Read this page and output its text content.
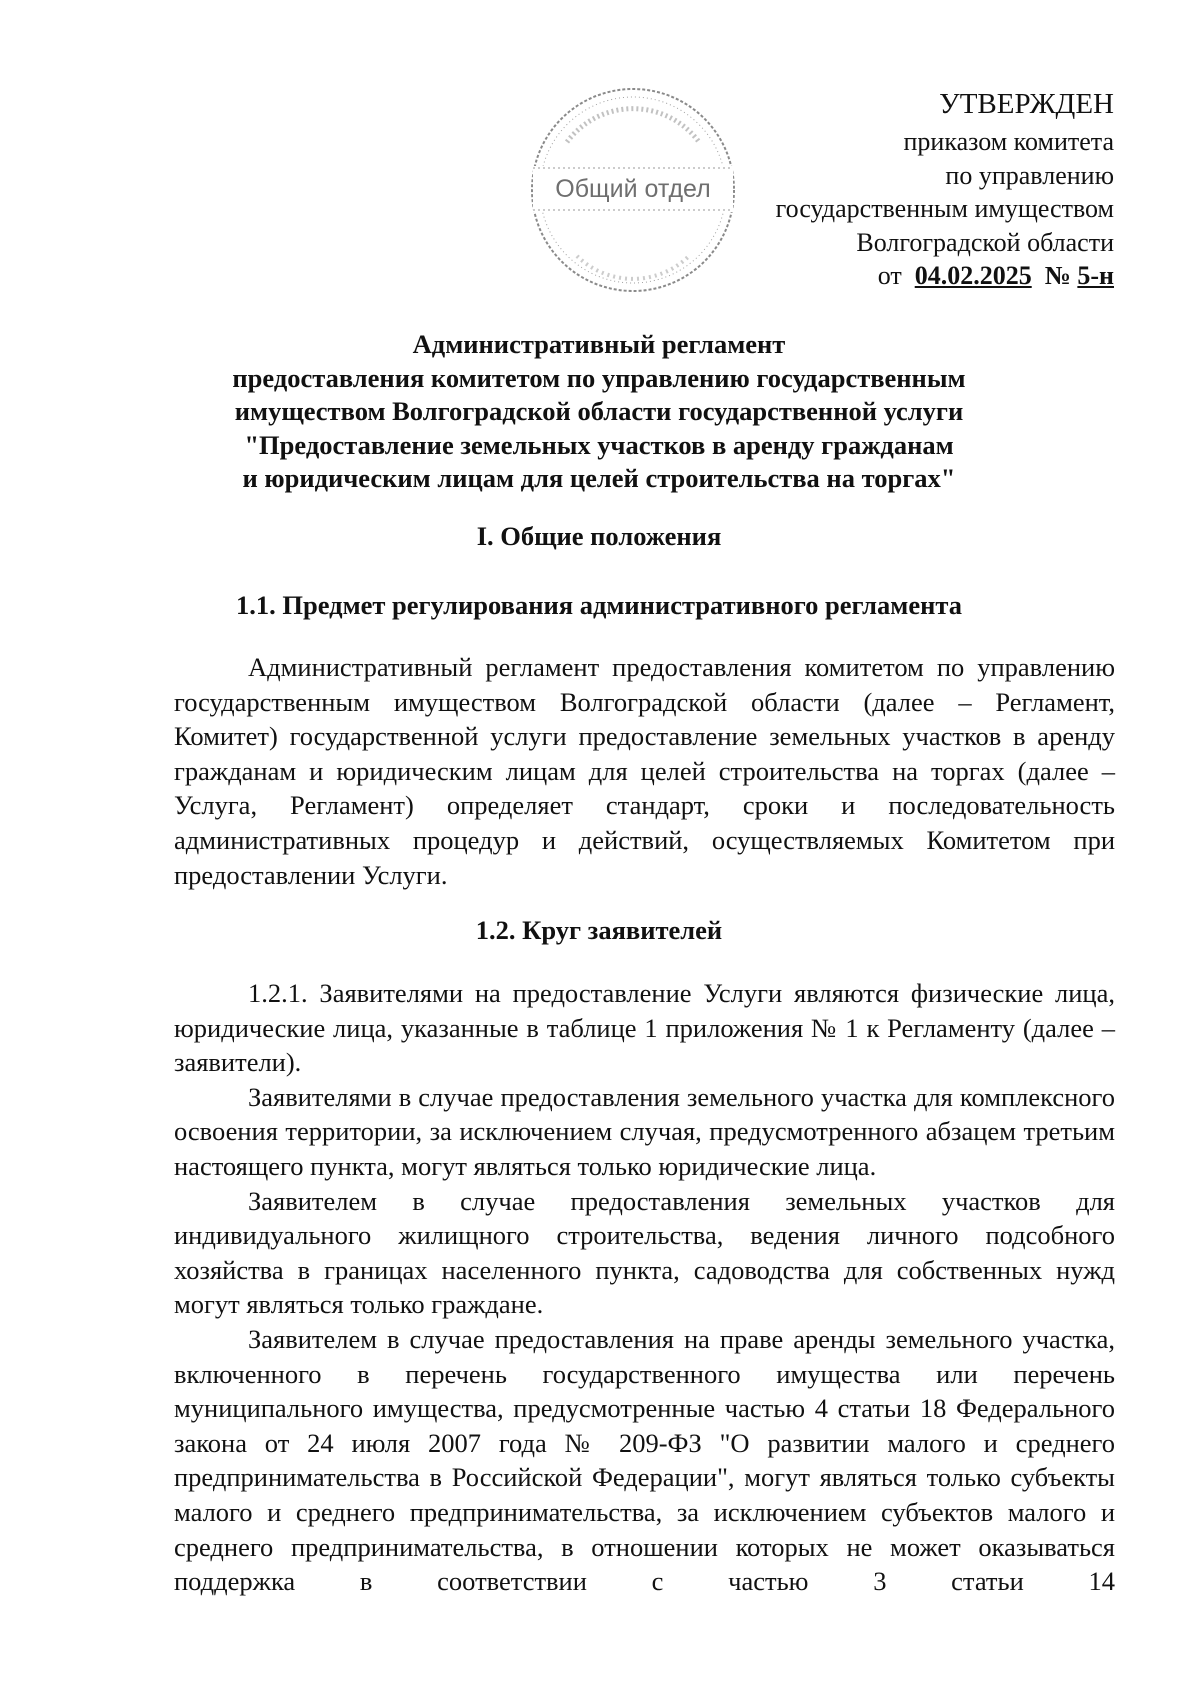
Общий отдел
УТВЕРЖДЕН
приказом комитета
по управлению
государственным имуществом
Волгоградской области
от 04.02.2025 № 5-н
Административный регламент
предоставления комитетом по управлению государственным
имуществом Волгоградской области государственной услуги
"Предоставление земельных участков в аренду гражданам
и юридическим лицам для целей строительства на торгах"
I. Общие положения
1.1. Предмет регулирования административного регламента

Административный регламент предоставления комитетом по управлению государственным имуществом Волгоградской области (далее – Регламент, Комитет) государственной услуги предоставление земельных участков в аренду гражданам и юридическим лицам для целей строительства на торгах (далее – Услуга, Регламент) определяет стандарт, сроки и последовательность административных процедур и действий, осуществляемых Комитетом при предоставлении Услуги.

1.2. Круг заявителей

1.2.1. Заявителями на предоставление Услуги являются физические лица, юридические лица, указанные в таблице 1 приложения № 1 к Регламенту (далее – заявители).

Заявителями в случае предоставления земельного участка для комплексного освоения территории, за исключением случая, предусмотренного абзацем третьим настоящего пункта, могут являться только юридические лица.

Заявителем в случае предоставления земельных участков для индивидуального жилищного строительства, ведения личного подсобного хозяйства в границах населенного пункта, садоводства для собственных нужд могут являться только граждане.

Заявителем в случае предоставления на праве аренды земельного участка, включенного в перечень государственного имущества или перечень муниципального имущества, предусмотренные частью 4 статьи 18 Федерального закона от 24 июля 2007 года № 209-ФЗ "О развитии малого и среднего предпринимательства в Российской Федерации", могут являться только субъекты малого и среднего предпринимательства, за исключением субъектов малого и среднего предпринимательства, в отношении которых не может оказываться поддержка в соответствии с частью 3 статьи 14
